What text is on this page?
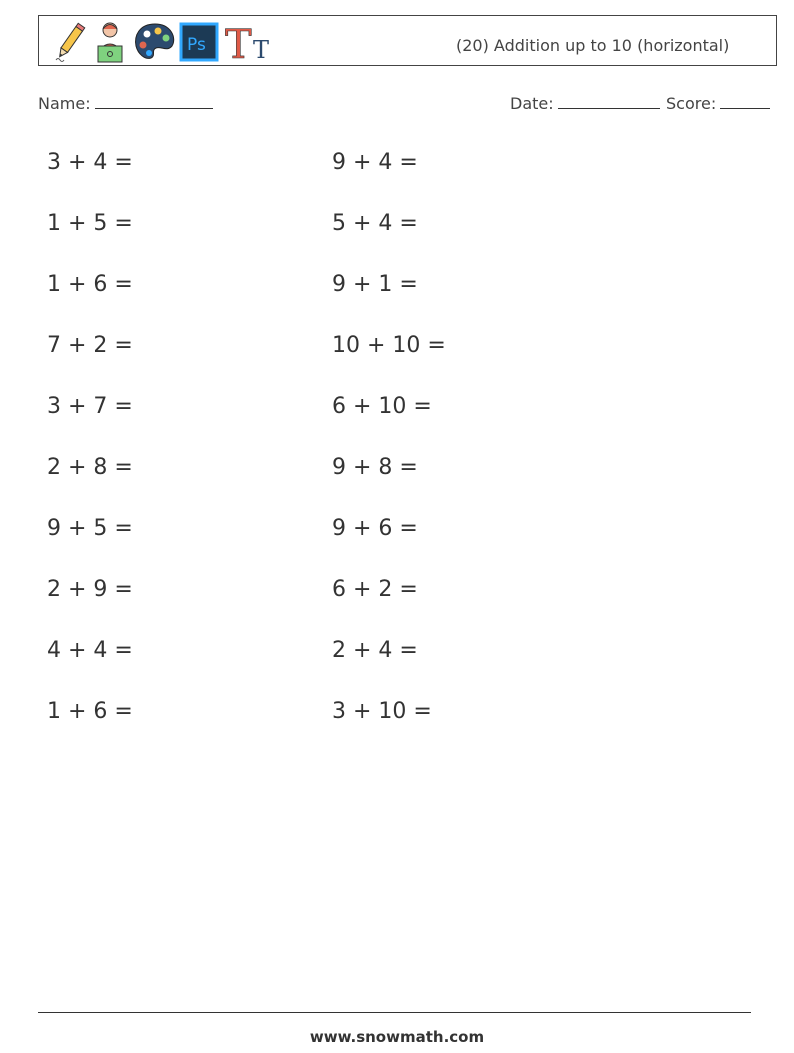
Ps T T	(20) Addition up to 10 (horizontal)
Name:	Date:	Score:
3 + 4 =
1 + 5 =
1 + 6 =
7 + 2 =
3 + 7 =
2 + 8 =
9 + 5 =
2 + 9 =
4 + 4 =
1 + 6 =
9 + 4 =
5 + 4 =
9 + 1 =
10 + 10 =
6 + 10 =
9 + 8 =
9 + 6 =
6 + 2 =
2 + 4 =
3 + 10 =
www.snowmath.com
